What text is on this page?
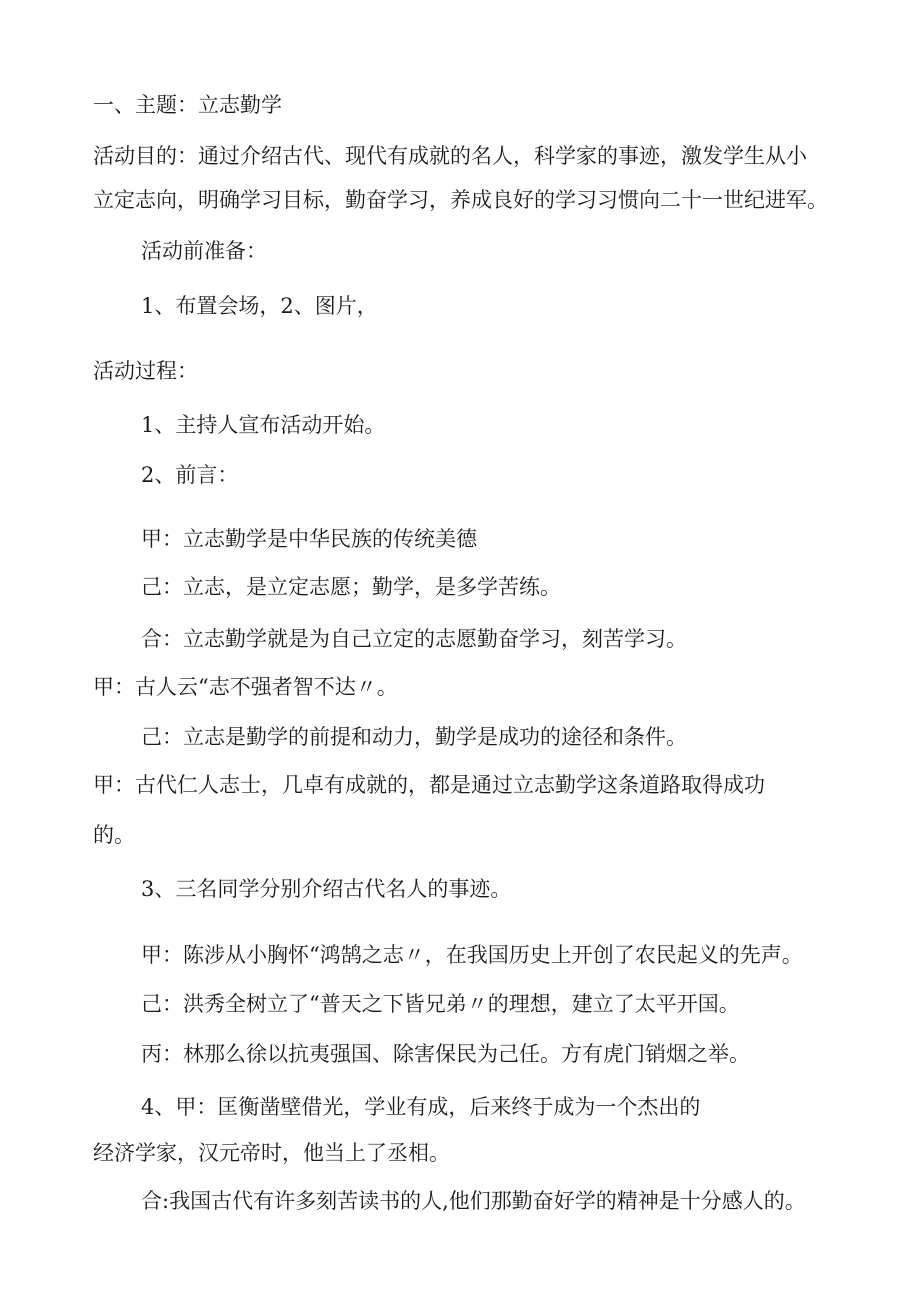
一、主题：立志勤学

活动目的：通过介绍古代、现代有成就的名人，科学家的事迹，激发学生从小

立定志向，明确学习目标，勤奋学习，养成良好的学习习惯向二十一世纪进军。

活动前准备：

1、布置会场，2、图片，

活动过程：

1、主持人宣布活动开始。

2、前言：

甲：立志勤学是中华民族的传统美德

己：立志，是立定志愿；勤学，是多学苦练。

合：立志勤学就是为自己立定的志愿勤奋学习，刻苦学习。

甲：古人云“志不强者智不达〃。

己：立志是勤学的前提和动力，勤学是成功的途径和条件。

甲：古代仁人志士，几卓有成就的，都是通过立志勤学这条道路取得成功

的。

3、三名同学分别介绍古代名人的事迹。

甲：陈涉从小胸怀“鸿鹄之志〃，在我国历史上开创了农民起义的先声。

己：洪秀全树立了“普天之下皆兄弟〃的理想，建立了太平开国。

丙：林那么徐以抗夷强国、除害保民为己任。方有虎门销烟之举。

4、甲：匡衡凿壁借光，学业有成，后来终于成为一个杰出的

经济学家，汉元帝时，他当上了丞相。

合:我国古代有许多刻苦读书的人,他们那勤奋好学的精神是十分感人的。
